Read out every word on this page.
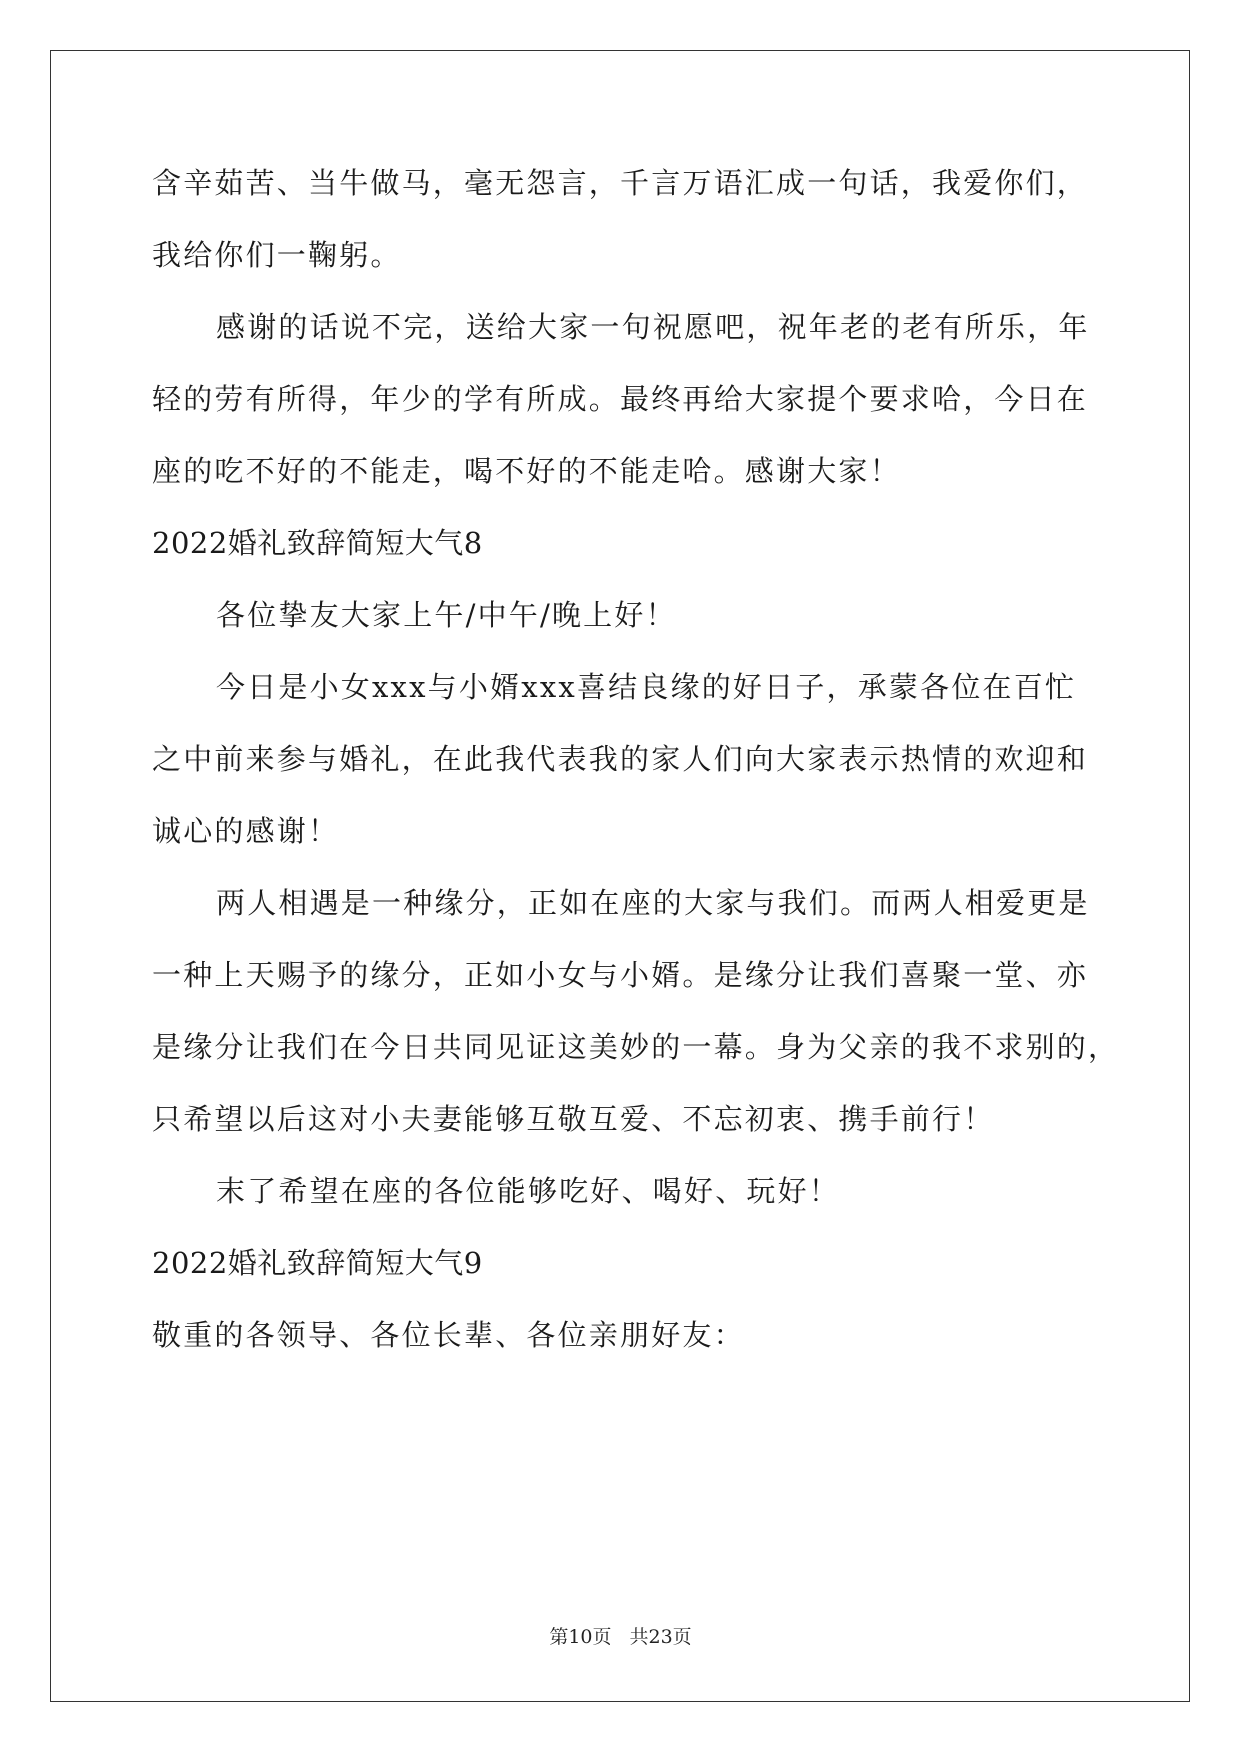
含辛茹苦、当牛做马，毫无怨言，千言万语汇成一句话，我爱你们，
我给你们一鞠躬。
感谢的话说不完，送给大家一句祝愿吧，祝年老的老有所乐，年
轻的劳有所得，年少的学有所成。最终再给大家提个要求哈，今日在
座的吃不好的不能走，喝不好的不能走哈。感谢大家！
2022婚礼致辞简短大气8
各位挚友大家上午/中午/晚上好！
今日是小女xxx与小婿xxx喜结良缘的好日子，承蒙各位在百忙
之中前来参与婚礼，在此我代表我的家人们向大家表示热情的欢迎和
诚心的感谢！
两人相遇是一种缘分，正如在座的大家与我们。而两人相爱更是
一种上天赐予的缘分，正如小女与小婿。是缘分让我们喜聚一堂、亦
是缘分让我们在今日共同见证这美妙的一幕。身为父亲的我不求别的，
只希望以后这对小夫妻能够互敬互爱、不忘初衷、携手前行！
末了希望在座的各位能够吃好、喝好、玩好！
2022婚礼致辞简短大气9
敬重的各领导、各位长辈、各位亲朋好友：
第10页 共23页
